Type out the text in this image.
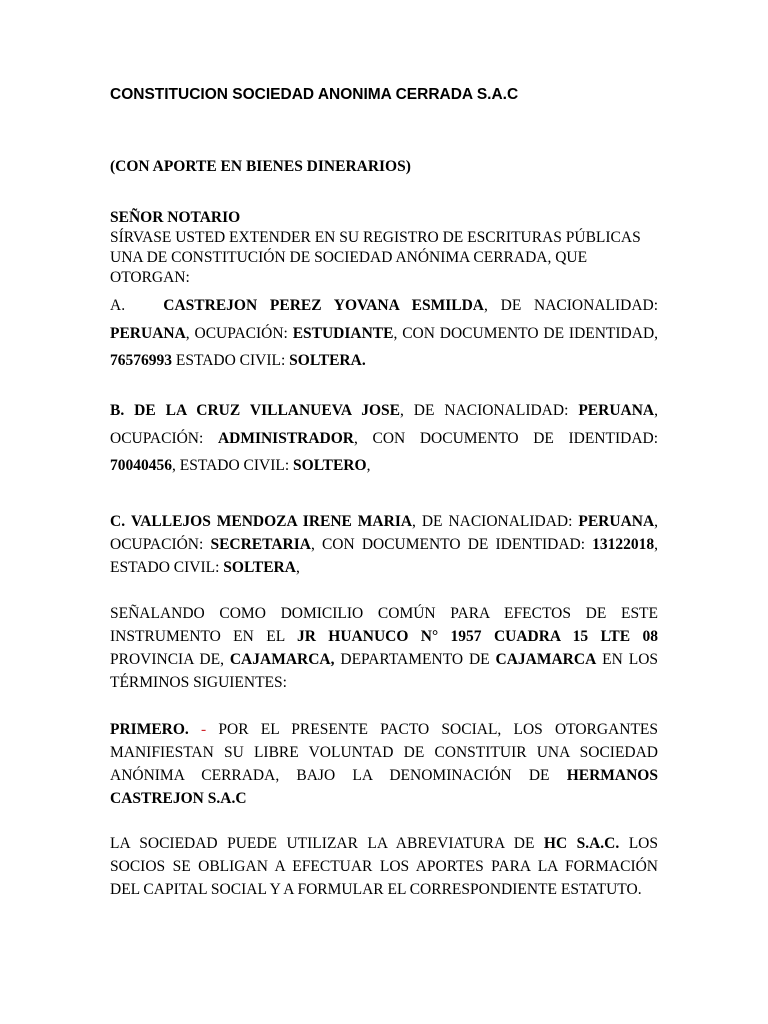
CONSTITUCION SOCIEDAD ANONIMA CERRADA S.A.C

(CON APORTE EN BIENES DINERARIOS)

SEÑOR NOTARIO
SÍRVASE USTED EXTENDER EN SU REGISTRO DE ESCRITURAS PÚBLICAS UNA DE CONSTITUCIÓN DE SOCIEDAD ANÓNIMA CERRADA, QUE OTORGAN:

A. CASTREJON PEREZ YOVANA ESMILDA, DE NACIONALIDAD: PERUANA, OCUPACIÓN: ESTUDIANTE, CON DOCUMENTO DE IDENTIDAD, 76576993 ESTADO CIVIL: SOLTERA.

B. DE LA CRUZ VILLANUEVA JOSE, DE NACIONALIDAD: PERUANA, OCUPACIÓN: ADMINISTRADOR, CON DOCUMENTO DE IDENTIDAD: 70040456, ESTADO CIVIL: SOLTERO,

C. VALLEJOS MENDOZA IRENE MARIA, DE NACIONALIDAD: PERUANA, OCUPACIÓN: SECRETARIA, CON DOCUMENTO DE IDENTIDAD: 13122018, ESTADO CIVIL: SOLTERA,

SEÑALANDO COMO DOMICILIO COMÚN PARA EFECTOS DE ESTE INSTRUMENTO EN EL JR HUANUCO N° 1957 CUADRA 15 LTE 08 PROVINCIA DE, CAJAMARCA, DEPARTAMENTO DE CAJAMARCA EN LOS TÉRMINOS SIGUIENTES:

PRIMERO. - POR EL PRESENTE PACTO SOCIAL, LOS OTORGANTES MANIFIESTAN SU LIBRE VOLUNTAD DE CONSTITUIR UNA SOCIEDAD ANÓNIMA CERRADA, BAJO LA DENOMINACIÓN DE HERMANOS CASTREJON S.A.C

LA SOCIEDAD PUEDE UTILIZAR LA ABREVIATURA DE HC S.A.C. LOS SOCIOS SE OBLIGAN A EFECTUAR LOS APORTES PARA LA FORMACIÓN DEL CAPITAL SOCIAL Y A FORMULAR EL CORRESPONDIENTE ESTATUTO.
